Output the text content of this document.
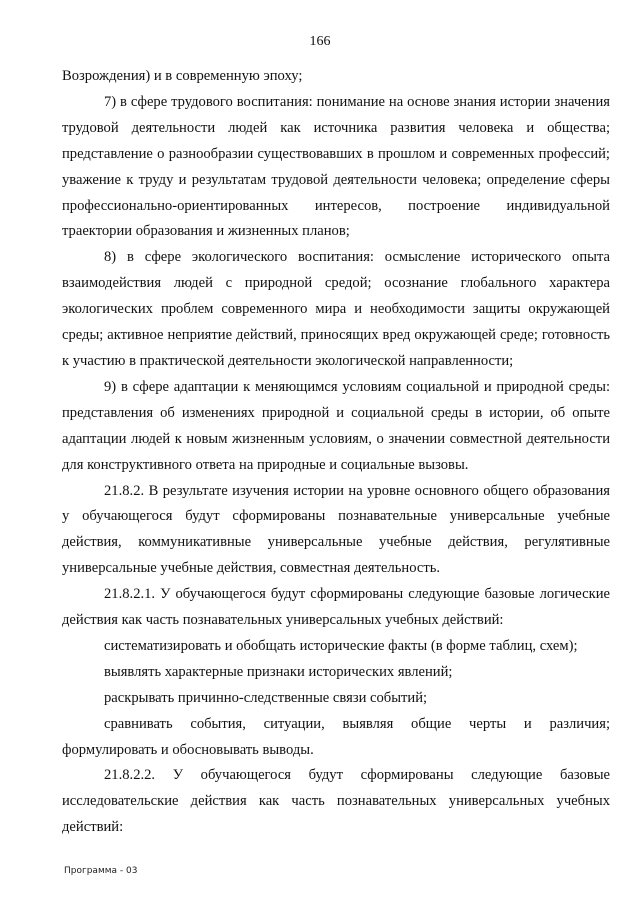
166

Возрождения) и в современную эпоху;

7) в сфере трудового воспитания: понимание на основе знания истории значения трудовой деятельности людей как источника развития человека и общества; представление о разнообразии существовавших в прошлом и современных профессий; уважение к труду и результатам трудовой деятельности человека; определение сферы профессионально-ориентированных интересов, построение индивидуальной траектории образования и жизненных планов;

8) в сфере экологического воспитания: осмысление исторического опыта взаимодействия людей с природной средой; осознание глобального характера экологических проблем современного мира и необходимости защиты окружающей среды; активное неприятие действий, приносящих вред окружающей среде; готовность к участию в практической деятельности экологической направленности;

9) в сфере адаптации к меняющимся условиям социальной и природной среды: представления об изменениях природной и социальной среды в истории, об опыте адаптации людей к новым жизненным условиям, о значении совместной деятельности для конструктивного ответа на природные и социальные вызовы.

21.8.2. В результате изучения истории на уровне основного общего образования у обучающегося будут сформированы познавательные универсальные учебные действия, коммуникативные универсальные учебные действия, регулятивные универсальные учебные действия, совместная деятельность.

21.8.2.1. У обучающегося будут сформированы следующие базовые логические действия как часть познавательных универсальных учебных действий:

систематизировать и обобщать исторические факты (в форме таблиц, схем);

выявлять характерные признаки исторических явлений;

раскрывать причинно-следственные связи событий;

сравнивать события, ситуации, выявляя общие черты и различия;

формулировать и обосновывать выводы.

21.8.2.2. У обучающегося будут сформированы следующие базовые исследовательские действия как часть познавательных универсальных учебных действий:

Программа - 03
